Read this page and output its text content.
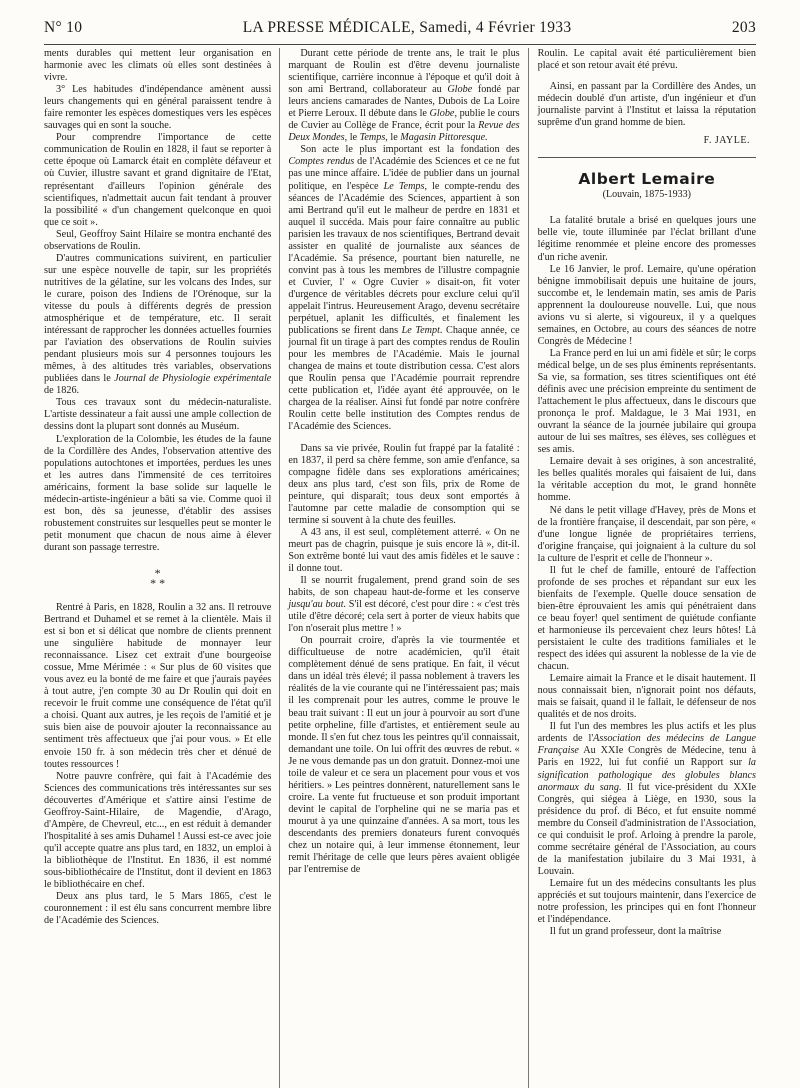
N° 10	LA PRESSE MÉDICALE, Samedi, 4 Février 1933	203

ments durables qui mettent leur organisation en harmonie avec les climats où elles sont destinées à vivre.

3° Les habitudes d'indépendance amènent aussi leurs changements qui en général paraissent tendre à faire remonter les espèces domestiques vers les espèces sauvages qui en sont la souche.

Pour comprendre l'importance de cette communication de Roulin en 1828, il faut se reporter à cette époque où Lamarck était en complète défaveur et où Cuvier, illustre savant et grand dignitaire de l'Etat, représentant d'ailleurs l'opinion générale des scientifiques, n'admettait aucun fait tendant à prouver la possibilité « d'un changement quelconque en quoi que ce soit ».

Seul, Geoffroy Saint Hilaire se montra enchanté des observations de Roulin.

D'autres communications suivirent, en particulier sur une espèce nouvelle de tapir, sur les propriétés nutritives de la gélatine, sur les volcans des Indes, sur le curare, poison des Indiens de l'Orénoque, sur la vitesse du pouls à différents degrés de pression atmosphérique et de température, etc. Il serait intéressant de rapprocher les données actuelles fournies par l'aviation des observations de Roulin suivies pendant plusieurs mois sur 4 personnes toujours les mêmes, à des altitudes très variables, observations publiées dans le Journal de Physiologie expérimentale de 1826.

Tous ces travaux sont du médecin-naturaliste. L'artiste dessinateur a fait aussi une ample collection de dessins dont la plupart sont donnés au Muséum.

L'exploration de la Colombie, les études de la faune de la Cordillère des Andes, l'observation attentive des populations autochtones et importées, perdues les unes et les autres dans l'immensité de ces territoires américains, forment la base solide sur laquelle le médecin-artiste-ingénieur a bâti sa vie. Comme quoi il est bon, dès sa jeunesse, d'établir des assises robustement construites sur lesquelles peut se monter le petit monument que chacun de nous aime à élever durant son passage terrestre.

*
* *

Rentré à Paris, en 1828, Roulin a 32 ans. Il retrouve Bertrand et Duhamel et se remet à la clientèle. Mais il est si bon et si délicat que nombre de clients prennent une singulière habitude de monnayer leur reconnaissance. Lisez cet extrait d'une bourgeoise cossue, Mme Mérimée : « Sur plus de 60 visites que vous avez eu la bonté de me faire et que j'aurais payées à tout autre, j'en compte 30 au Dr Roulin qui doit en recevoir le fruit comme une conséquence de l'état qu'il a choisi. Quant aux autres, je les reçois de l'amitié et je suis bien aise de pouvoir ajouter la reconnaissance au sentiment très affectueux que j'ai pour vous. » Et elle envoie 150 fr. à son médecin très cher et dénué de toutes ressources !

Notre pauvre confrère, qui fait à l'Académie des Sciences des communications très intéressantes sur ses découvertes d'Amérique et s'attire ainsi l'estime de Geoffroy-Saint-Hilaire, de Magendie, d'Arago, d'Ampère, de Chevreul, etc..., en est réduit à demander l'hospitalité à ses amis Duhamel ! Aussi est-ce avec joie qu'il accepte quatre ans plus tard, en 1832, un emploi à la bibliothèque de l'Institut. En 1836, il est nommé sous-bibliothécaire de l'Institut, dont il devient en 1863 le bibliothécaire en chef.

Deux ans plus tard, le 5 Mars 1865, c'est le couronnement : il est élu sans concurrent membre libre de l'Académie des Sciences.

Durant cette période de trente ans, le trait le plus marquant de Roulin est d'être devenu journaliste scientifique, carrière inconnue à l'époque et qu'il doit à son ami Bertrand, collaborateur au Globe fondé par leurs anciens camarades de Nantes, Dubois de La Loire et Pierre Leroux. Il débute dans le Globe, publie le cours de Cuvier au Collège de France, écrit pour la Revue des Deux Mondes, le Temps, le Magasin Pittoresque.

Son acte le plus important est la fondation des Comptes rendus de l'Académie des Sciences et ce ne fut pas une mince affaire. L'idée de publier dans un journal politique, en l'espèce Le Temps, le compte-rendu des séances de l'Académie des Sciences, appartient à son ami Bertrand qu'il eut le malheur de perdre en 1831 et auquel il succéda. Mais pour faire connaître au public parisien les travaux de nos scientifiques, Bertrand devait assister en qualité de journaliste aux séances de l'Académie. Sa présence, pourtant bien naturelle, ne convint pas à tous les membres de l'illustre compagnie et Cuvier, l' « Ogre Cuvier » disait-on, fit voter d'urgence de véritables décrets pour exclure celui qu'il appelait l'intrus. Heureusement Arago, devenu secrétaire perpétuel, aplanit les difficultés, et finalement les publications se firent dans Le Tempt. Chaque année, ce journal fit un tirage à part des comptes rendus de Roulin pour les membres de l'Académie. Mais le journal changea de mains et toute distribution cessa. C'est alors que Roulin pensa que l'Académie pourrait reprendre cette publication et, l'idée ayant été approuvée, on le chargea de la réaliser. Ainsi fut fondé par notre confrère Roulin cette belle institution des Comptes rendus de l'Académie des Sciences.

Dans sa vie privée, Roulin fut frappé par la fatalité : en 1837, il perd sa chère femme, son amie d'enfance, sa compagne fidèle dans ses explorations américaines; deux ans plus tard, c'est son fils, prix de Rome de peinture, qui disparaît; tous deux sont emportés à l'automne par cette maladie de consomption qui se termine si souvent à la chute des feuilles.

A 43 ans, il est seul, complètement atterré. « On ne meurt pas de chagrin, puisque je suis encore là », dit-il. Son extrême bonté lui vaut des amis fidèles et le sauve : il donne tout.

Il se nourrit frugalement, prend grand soin de ses habits, de son chapeau haut-de-forme et les conserve jusqu'au bout. S'il est décoré, c'est pour dire : « c'est très utile d'être décoré; cela sert à porter de vieux habits que l'on n'oserait plus mettre ! »

On pourrait croire, d'après la vie tourmentée et difficultueuse de notre académicien, qu'il était complètement dénué de sens pratique. En fait, il vécut dans un idéal très élevé; il passa noblement à travers les réalités de la vie courante qui ne l'intéressaient pas; mais il les comprenait pour les autres, comme le prouve le beau trait suivant : Il eut un jour à pourvoir au sort d'une petite orpheline, fille d'artistes, et entièrement seule au monde. Il s'en fut chez tous les peintres qu'il connaissait, demandant une toile. On lui offrit des œuvres de rebut. « Je ne vous demande pas un don gratuit. Donnez-moi une toile de valeur et ce sera un placement pour vous et vos héritiers. » Les peintres donnèrent, naturellement sans le croire. La vente fut fructueuse et son produit important devint le capital de l'orpheline qui ne se maria pas et mourut à ya une quinzaine d'années. A sa mort, tous les descendants des premiers donateurs furent convoqués chez un notaire qui, à leur immense étonnement, leur remit l'héritage de celle que leurs pères avaient obligée par l'entremise de

Roulin. Le capital avait été particulièrement bien placé et son retour avait été prévu.

Ainsi, en passant par la Cordillère des Andes, un médecin doublé d'un artiste, d'un ingénieur et d'un journaliste parvint à l'Institut et laissa la réputation suprême d'un grand homme de bien.

F. JAYLE.
Albert Lemaire
(Louvain, 1875-1933)

La fatalité brutale a brisé en quelques jours une belle vie, toute illuminée par l'éclat brillant d'une légitime renommée et pleine encore des promesses d'un riche avenir.

Le 16 Janvier, le prof. Lemaire, qu'une opération bénigne immobilisait depuis une huitaine de jours, succombe et, le lendemain matin, ses amis de Paris apprennent la douloureuse nouvelle. Lui, que nous avions vu si alerte, si vigoureux, il y a quelques semaines, en Octobre, au cours des séances de notre Congrès de Médecine !

La France perd en lui un ami fidèle et sûr; le corps médical belge, un de ses plus éminents représentants. Sa vie, sa formation, ses titres scientifiques ont été définis avec une précision empreinte du sentiment de l'attachement le plus affectueux, dans le discours que prononça le prof. Maldague, le 3 Mai 1931, en ouvrant la séance de la journée jubilaire qui groupa autour de lui ses maîtres, ses élèves, ses collègues et ses amis.

Lemaire devait à ses origines, à son ancestralité, les belles qualités morales qui faisaient de lui, dans la véritable acception du mot, le grand honnête homme.

Né dans le petit village d'Havey, près de Mons et de la frontière française, il descendait, par son père, « d'une longue lignée de propriétaires terriens, d'origine française, qui joignaient à la culture du sol la culture de l'esprit et celle de l'honneur ».

Il fut le chef de famille, entouré de l'affection profonde de ses proches et répandant sur eux les bienfaits de l'exemple. Quelle douce sensation de bien-être éprouvaient les amis qui pénétraient dans ce beau foyer! quel sentiment de quiétude confiante et harmonieuse ils percevaient chez leurs hôtes! Là persistaient le culte des traditions familiales et le respect des idées qui assurent la noblesse de la vie de chacun.

Lemaire aimait la France et le disait hautement. Il nous connaissait bien, n'ignorait point nos défauts, mais se faisait, quand il le fallait, le défenseur de nos qualités et de nos droits.

Il fut l'un des membres les plus actifs et les plus ardents de l'Association des médecins de Langue Française Au XXIe Congrès de Médecine, tenu à Paris en 1922, lui fut confié un Rapport sur la signification pathologique des globules blancs anormaux du sang. Il fut vice-président du XXIe Congrès, qui siégea à Liège, en 1930, sous la présidence du prof. di Béco, et fut ensuite nommé membre du Conseil d'administration de l'Association, ce qui conduisit le prof. Arloing à prendre la parole, comme secrétaire général de l'Association, au cours de la manifestation jubilaire du 3 Mai 1931, à Louvain.

Lemaire fut un des médecins consultants les plus appréciés et sut toujours maintenir, dans l'exercice de notre profession, les principes qui en font l'honneur et l'indépendance.

Il fut un grand professeur, dont la maîtrise
